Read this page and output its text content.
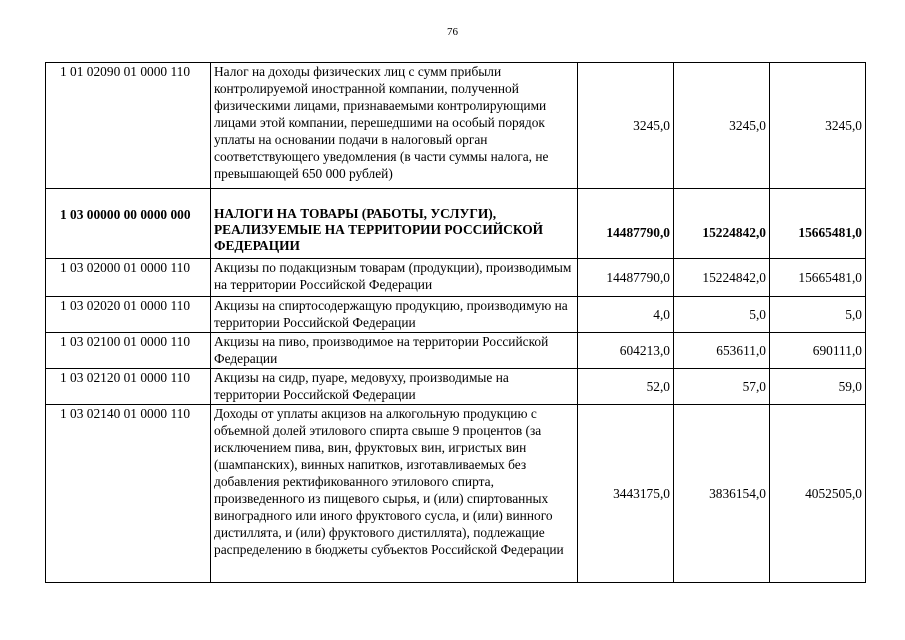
76
1 01 02090 01 0000 110	Налог на доходы физических лиц с сумм прибыли контролируемой иностранной компании, полученной физическими лицами, признаваемыми контролирующими лицами этой компании, перешедшими на особый порядок уплаты на основании подачи в налоговый орган соответствующего уведомления (в части суммы налога, не превышающей 650 000 рублей)	3245,0	3245,0	3245,0
1 03 00000 00 0000 000	НАЛОГИ НА ТОВАРЫ (РАБОТЫ, УСЛУГИ), РЕАЛИЗУЕМЫЕ НА ТЕРРИТОРИИ РОССИЙСКОЙ ФЕДЕРАЦИИ	14487790,0	15224842,0	15665481,0
1 03 02000 01 0000 110	Акцизы по подакцизным товарам (продукции), производимым на территории Российской Федерации	14487790,0	15224842,0	15665481,0
1 03 02020 01 0000 110	Акцизы на спиртосодержащую продукцию, производимую на территории Российской Федерации	4,0	5,0	5,0
1 03 02100 01 0000 110	Акцизы на пиво, производимое на территории Российской Федерации	604213,0	653611,0	690111,0
1 03 02120 01 0000 110	Акцизы на сидр, пуаре, медовуху, производимые на территории Российской Федерации	52,0	57,0	59,0
1 03 02140 01 0000 110	Доходы от уплаты акцизов на алкогольную продукцию с объемной долей этилового спирта свыше 9 процентов (за исключением пива, вин, фруктовых вин, игристых вин (шампанских), винных напитков, изготавливаемых без добавления ректификованного этилового спирта, произведенного из пищевого сырья, и (или) спиртованных виноградного или иного фруктового сусла, и (или) винного дистиллята, и (или) фруктового дистиллята), подлежащие распределению в бюджеты субъектов Российской Федерации	3443175,0	3836154,0	4052505,0
